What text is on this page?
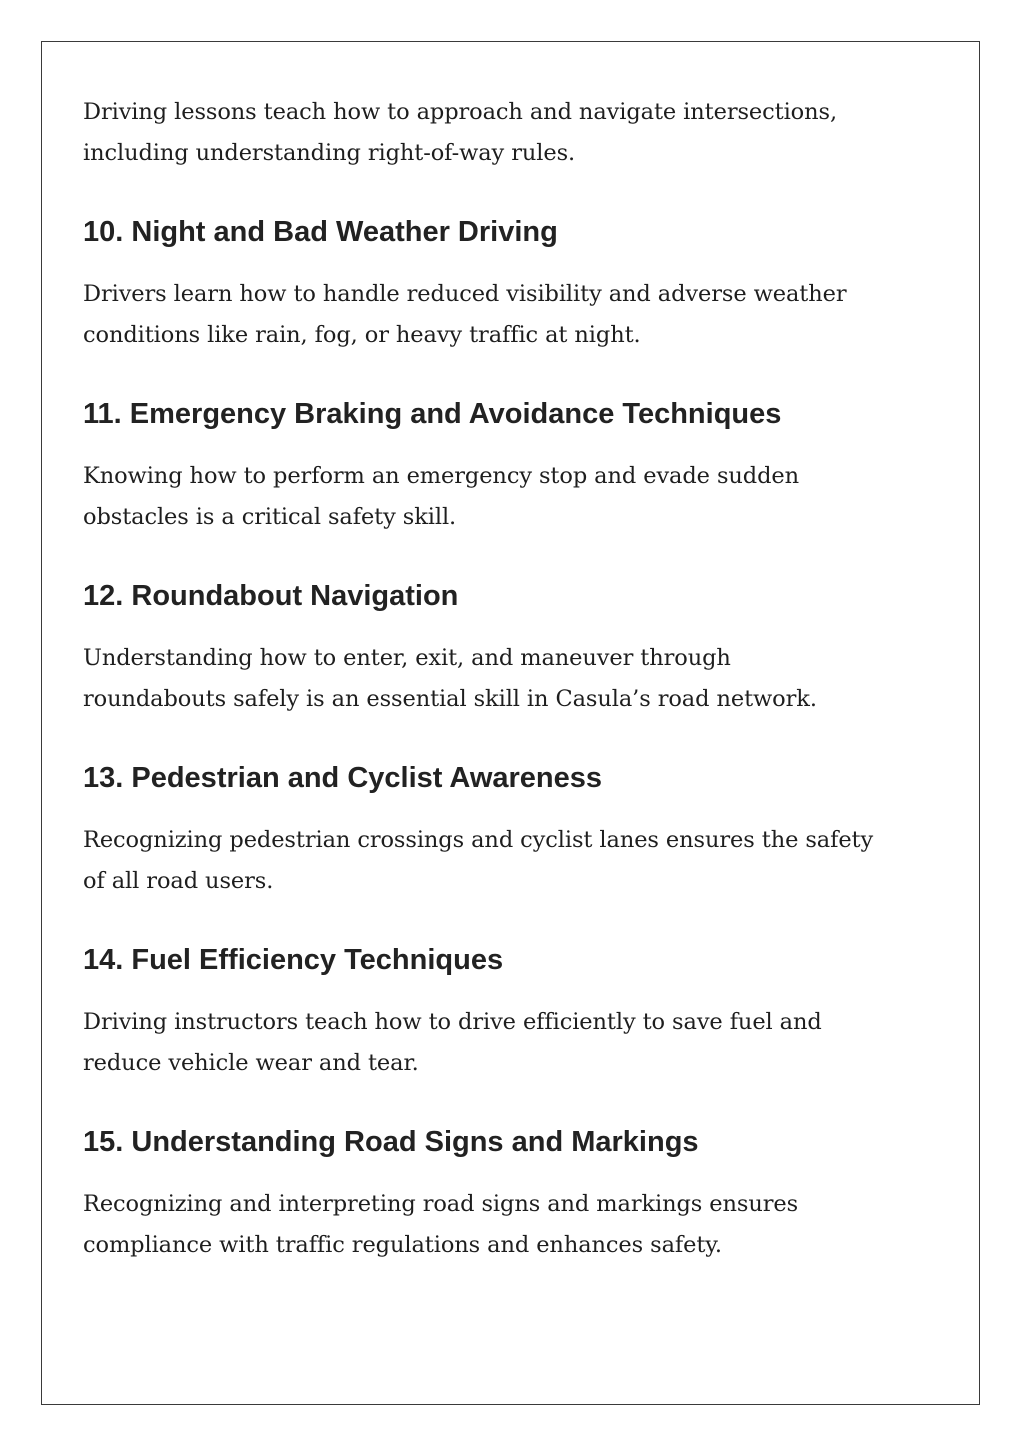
Driving lessons teach how to approach and navigate intersections,
including understanding right-of-way rules.

10. Night and Bad Weather Driving

Drivers learn how to handle reduced visibility and adverse weather
conditions like rain, fog, or heavy traffic at night.

11. Emergency Braking and Avoidance Techniques

Knowing how to perform an emergency stop and evade sudden
obstacles is a critical safety skill.

12. Roundabout Navigation

Understanding how to enter, exit, and maneuver through
roundabouts safely is an essential skill in Casula’s road network.

13. Pedestrian and Cyclist Awareness

Recognizing pedestrian crossings and cyclist lanes ensures the safety
of all road users.

14. Fuel Efficiency Techniques

Driving instructors teach how to drive efficiently to save fuel and
reduce vehicle wear and tear.

15. Understanding Road Signs and Markings

Recognizing and interpreting road signs and markings ensures
compliance with traffic regulations and enhances safety.
